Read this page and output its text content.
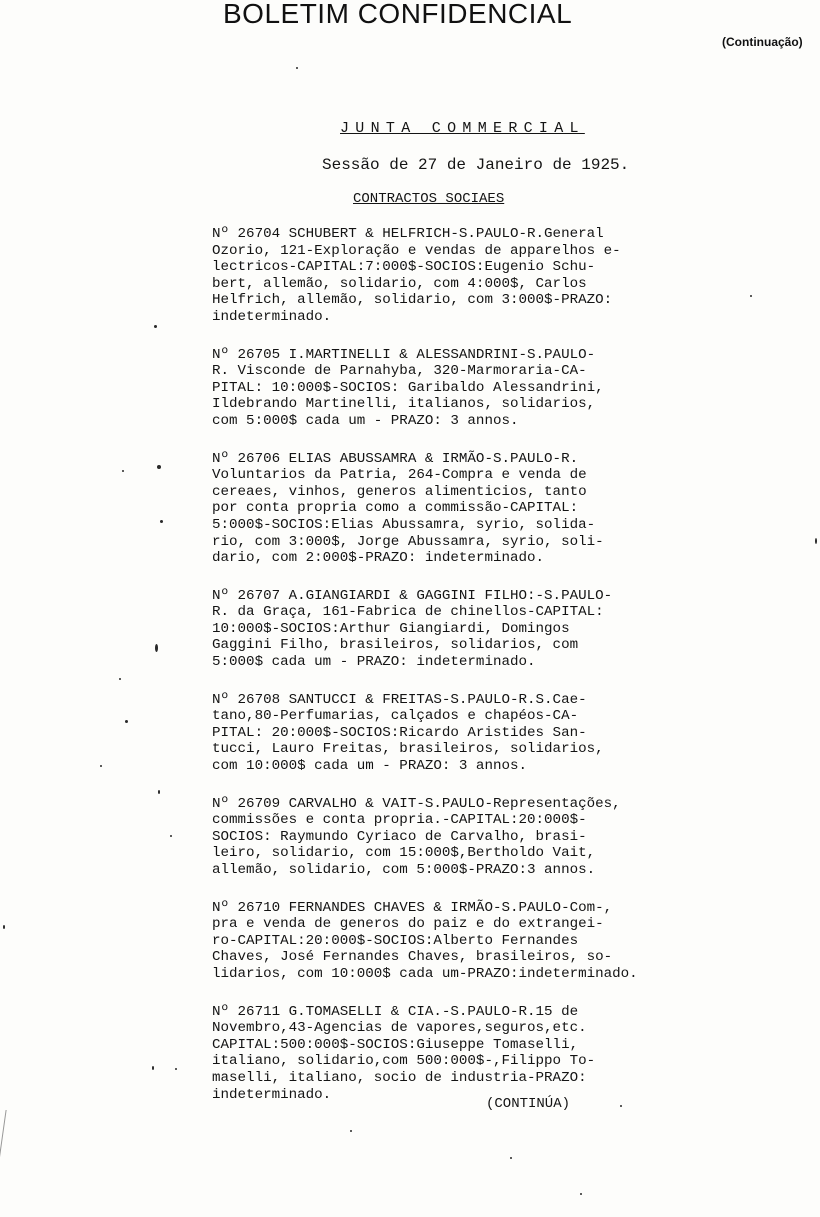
BOLETIM CONFIDENCIAL
(Continuação)
JUNTA COMMERCIAL
Sessão de 27 de Janeiro de 1925.
CONTRACTOS SOCIAES

Nº 26704 SCHUBERT & HELFRICH-S.PAULO-R.General
Ozorio, 121-Exploração e vendas de apparelhos e-
lectricos-CAPITAL:7:000$-SOCIOS:Eugenio Schu-
bert, allemão, solidario, com 4:000$, Carlos
Helfrich, allemão, solidario, com 3:000$-PRAZO:
indeterminado.

Nº 26705 I.MARTINELLI & ALESSANDRINI-S.PAULO-
R. Visconde de Parnahyba, 320-Marmoraria-CA-
PITAL: 10:000$-SOCIOS: Garibaldo Alessandrini,
Ildebrando Martinelli, italianos, solidarios,
com 5:000$ cada um - PRAZO: 3 annos.

Nº 26706 ELIAS ABUSSAMRA & IRMÃO-S.PAULO-R.
Voluntarios da Patria, 264-Compra e venda de
cereaes, vinhos, generos alimenticios, tanto
por conta propria como a commissão-CAPITAL:
5:000$-SOCIOS:Elias Abussamra, syrio, solida-
rio, com 3:000$, Jorge Abussamra, syrio, soli-
dario, com 2:000$-PRAZO: indeterminado.

Nº 26707 A.GIANGIARDI & GAGGINI FILHO:-S.PAULO-
R. da Graça, 161-Fabrica de chinellos-CAPITAL:
10:000$-SOCIOS:Arthur Giangiardi, Domingos
Gaggini Filho, brasileiros, solidarios, com
5:000$ cada um - PRAZO: indeterminado.

Nº 26708 SANTUCCI & FREITAS-S.PAULO-R.S.Cae-
tano,80-Perfumarias, calçados e chapéos-CA-
PITAL: 20:000$-SOCIOS:Ricardo Aristides San-
tucci, Lauro Freitas, brasileiros, solidarios,
com 10:000$ cada um - PRAZO: 3 annos.

Nº 26709 CARVALHO & VAIT-S.PAULO-Representações,
commissões e conta propria.-CAPITAL:20:000$-
SOCIOS: Raymundo Cyriaco de Carvalho, brasi-
leiro, solidario, com 15:000$,Bertholdo Vait,
allemão, solidario, com 5:000$-PRAZO:3 annos.

Nº 26710 FERNANDES CHAVES & IRMÃO-S.PAULO-Com-,
pra e venda de generos do paiz e do extrangei-
ro-CAPITAL:20:000$-SOCIOS:Alberto Fernandes
Chaves, José Fernandes Chaves, brasileiros, so-
lidarios, com 10:000$ cada um-PRAZO:indeterminado.

Nº 26711 G.TOMASELLI & CIA.-S.PAULO-R.15 de
Novembro,43-Agencias de vapores,seguros,etc.
CAPITAL:500:000$-SOCIOS:Giuseppe Tomaselli,
italiano, solidario,com 500:000$-,Filippo To-
maselli, italiano, socio de industria-PRAZO:
indeterminado.

(CONTINÚA)
